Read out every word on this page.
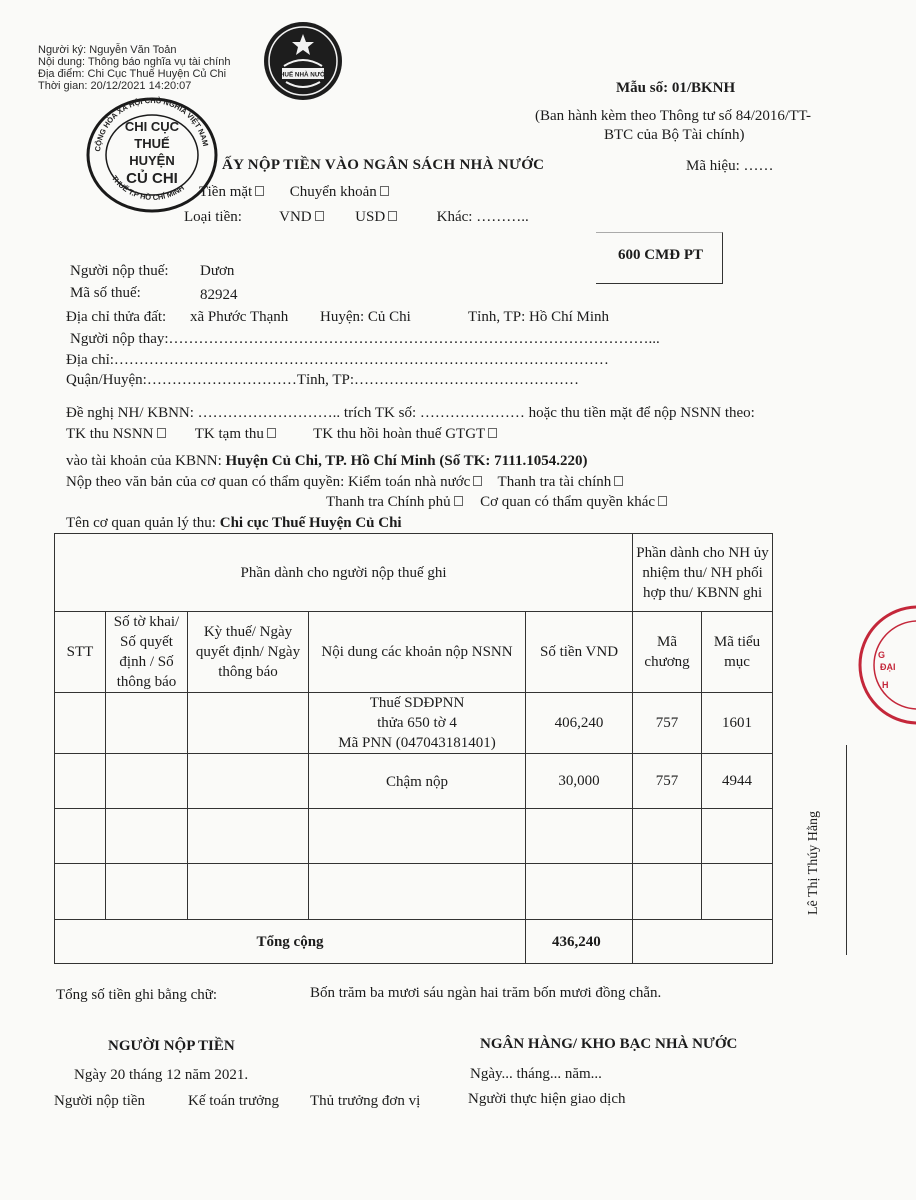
Người ký: Nguyễn Văn Toản
Nội dung: Thông báo nghĩa vụ tài chính
Địa điểm: Chi Cục Thuế Huyện Củ Chi
Thời gian: 20/12/2021 14:20:07
THUẾ NHÀ NƯỚC
CỘNG HÒA XÃ HỘI CHỦ NGHĨA VIỆT NAM
THUẾ T.P HỒ CHÍ MINH
CHI CỤC
THUẾ
HUYỆN
CỦ CHI
Mẫu số: 01/BKNH
(Ban hành kèm theo Thông tư số 84/2016/TT-
BTC của Bộ Tài chính)
Mã hiệu: ……
ẤY NỘP TIỀN VÀO NGÂN SÁCH NHÀ NƯỚC
Tiền mặt	Chuyển khoản
Loại tiền: VND	USD	Khác: ………..
600 CMĐ PT
Người nộp thuế: Dươn
Mã số thuế:	82924
Địa chỉ thửa đất: xã Phước Thạnh Huyện: Củ Chi	Tỉnh, TP: Hồ Chí Minh
Người nộp thay:……………………………………………………………………………………...
Địa chỉ:………………………………………………………………………………………
Quận/Huyện:…………………………Tỉnh, TP:………………………………………
Đề nghị NH/ KBNN: ……………………….. trích TK số: ………………… hoặc thu tiền mặt để nộp NSNN theo:
TK thu NSNN	TK tạm thu	TK thu hồi hoàn thuế GTGT
vào tài khoản của KBNN: Huyện Củ Chi, TP. Hồ Chí Minh (Số TK: 7111.1054.220)
Nộp theo văn bản của cơ quan có thẩm quyền: Kiểm toán nhà nước Thanh tra tài chính
Thanh tra Chính phủ Cơ quan có thẩm quyền khác
Tên cơ quan quản lý thu: Chi cục Thuế Huyện Củ Chi
Phần dành cho người nộp thuế ghi					Phần dành cho NH ủy nhiệm thu/ NH phối hợp thu/ KBNN ghi	
STT	Số tờ khai/ Số quyết định / Số thông báo	Kỳ thuế/ Ngày quyết định/ Ngày thông báo	Nội dung các khoản nộp NSNN	Số tiền VND	Mã chương	Mã tiểu mục

			Thuế SDĐPNN
thửa 650 tờ 4
Mã PNN (047043181401)	406,240	757	1601
			Chậm nộp	30,000	757	4944

Tổng cộng				436,240		
Lê Thị Thúy Hằng
G
ĐẠI
H
Tổng số tiền ghi bằng chữ:	Bốn trăm ba mươi sáu ngàn hai trăm bốn mươi đồng chẵn.
NGƯỜI NỘP TIỀN
Ngày 20 tháng 12 năm 2021.
Người nộp tiền	Kế toán trưởng Thủ trưởng đơn vị
NGÂN HÀNG/ KHO BẠC NHÀ NƯỚC
Ngày... tháng... năm...
Người thực hiện giao dịch
